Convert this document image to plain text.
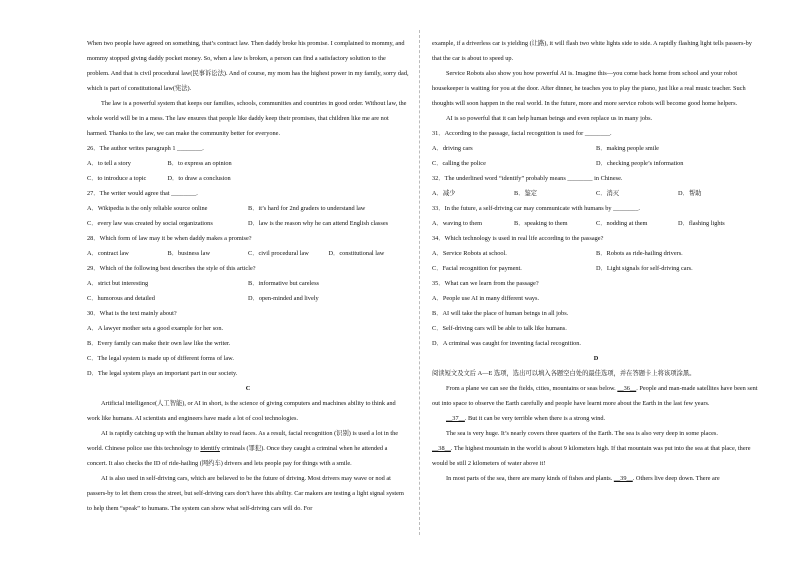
When two people have agreed on something, that’s contract law. Then daddy broke his promise. I complained to mommy, and mommy stopped giving daddy pocket money. So, when a law is broken, a person can find a satisfactory solution to the problem. And that is civil procedural law(民事诉讼法). And of course, my mom has the highest power in my family, sorry dad, which is part of constitutional law(宪法).

The law is a powerful system that keeps our families, schools, communities and countries in good order. Without law, the whole world will be in a mess. The law ensures that people like daddy keep their promises, that children like me are not harmed. Thanks to the law, we can make the community better for everyone.

26．The author writes paragraph 1 ________.

A．to tell a story	B．to express an opinion
C．to introduce a topic	D．to draw a conclusion

27．The writer would agree that ________.

A．Wikipedia is the only reliable source online	B．it’s hard for 2nd graders to understand law
C．every law was created by social organizations	D．law is the reason why he can attend English classes

28．Which form of law may it be when daddy makes a promise?

A．contract law	B．business law	C．civil procedural law	D．constitutional law

29．Which of the following best describes the style of this article?

A．strict but interesting	B．informative but careless
C．humorous and detailed	D．open-minded and lively

30．What is the text mainly about?

A．A lawyer mother sets a good example for her son.

B．Every family can make their own law like the writer.

C．The legal system is made up of different forms of law.

D．The legal system plays an important part in our society.

C

Artificial intelligence(人工智能), or AI in short, is the science of giving computers and machines ability to think and work like humans. AI scientists and engineers have made a lot of cool technologies.

AI is rapidly catching up with the human ability to read faces. As a result, facial recognition (识别) is used a lot in the world. Chinese police use this technology to identify criminals (罪犯). Once they caught a criminal when he attended a concert. It also checks the ID of ride-hailing (网约车) drivers and lets people pay for things with a smile.

AI is also used in self-driving cars, which are believed to be the future of driving. Most drivers may wave or nod at passers-by to let them cross the street, but self-driving cars don’t have this ability. Car makers are testing a light signal system to help them “speak” to humans. The system can show what self-driving cars will do. For

example, if a driverless car is yielding (让路), it will flash two white lights side to side. A rapidly flashing light tells passers-by that the car is about to speed up.

Service Robots also show you how powerful AI is. Imagine this—you come back home from school and your robot housekeeper is waiting for you at the door. After dinner, he teaches you to play the piano, just like a real music teacher. Such thoughts will soon happen in the real world. In the future, more and more service robots will become good home helpers.

AI is so powerful that it can help human beings and even replace us in many jobs.

31．According to the passage, facial recognition is used for ________.

A．driving cars	B．making people smile
C．calling the police	D．checking people’s information

32．The underlined word “identify” probably means ________ in Chinese.

A．减少	B．鉴定	C．消灭	D．帮助

33．In the future, a self-driving car may communicate with humans by ________.

A．waving to them	B．speaking to them	C．nodding at them	D．flashing lights

34．Which technology is used in real life according to the passage?

A．Service Robots at school.	B．Robots as ride-hailing drivers.
C．Facial recognition for payment.	D．Light signals for self-driving cars.

35．What can we learn from the passage?

A．People use AI in many different ways.

B．AI will take the place of human beings in all jobs.

C．Self-driving cars will be able to talk like humans.

D．A criminal was caught for inventing facial recognition.

D

阅读短文及文后 A—E 选项，选出可以填入各题空白处的最佳选项，并在答题卡上将该项涂黑。

From a plane we can see the fields, cities, mountains or seas below. __36__. People and man-made satellites have been sent out into space to observe the Earth carefully and people have learnt more about the Earth in the last few years.

__37__. But it can be very terrible when there is a strong wind.

The sea is very huge. It’s nearly covers three quarters of the Earth. The sea is also very deep in some places.

__38__. The highest mountain in the world is about 9 kilometers high. If that mountain was put into the sea at that place, there would be still 2 kilometers of water above it!

In most parts of the sea, there are many kinds of fishes and plants. __39__. Others live deep down. There are
